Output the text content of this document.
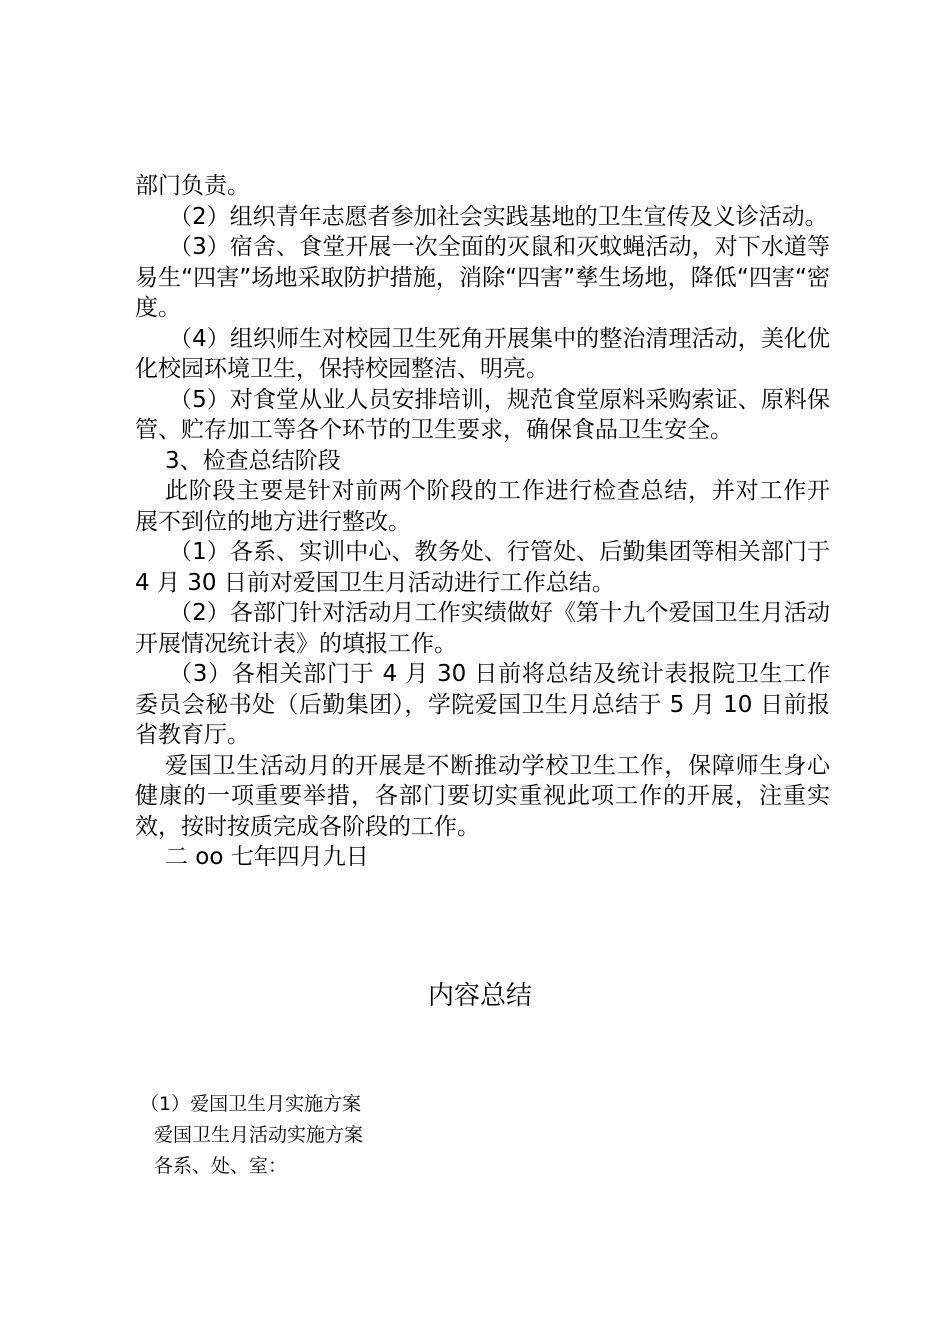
部门负责。

（2）组织青年志愿者参加社会实践基地的卫生宣传及义诊活动。

（3）宿舍、食堂开展一次全面的灭鼠和灭蚊蝇活动，对下水道等易生“四害”场地采取防护措施，消除“四害”孳生场地，降低“四害“密度。

（4）组织师生对校园卫生死角开展集中的整治清理活动，美化优化校园环境卫生，保持校园整洁、明亮。

（5）对食堂从业人员安排培训，规范食堂原料采购索证、原料保管、贮存加工等各个环节的卫生要求，确保食品卫生安全。

3、检查总结阶段

此阶段主要是针对前两个阶段的工作进行检查总结，并对工作开展不到位的地方进行整改。

（1）各系、实训中心、教务处、行管处、后勤集团等相关部门于 4 月 30 日前对爱国卫生月活动进行工作总结。

（2）各部门针对活动月工作实绩做好《第十九个爱国卫生月活动开展情况统计表》的填报工作。

（3）各相关部门于 4 月 30 日前将总结及统计表报院卫生工作委员会秘书处（后勤集团），学院爱国卫生月总结于 5 月 10 日前报省教育厅。

爱国卫生活动月的开展是不断推动学校卫生工作，保障师生身心健康的一项重要举措，各部门要切实重视此项工作的开展，注重实效，按时按质完成各阶段的工作。

二 oo 七年四月九日

内容总结
（1）爱国卫生月实施方案
爱国卫生月活动实施方案
各系、处、室：
